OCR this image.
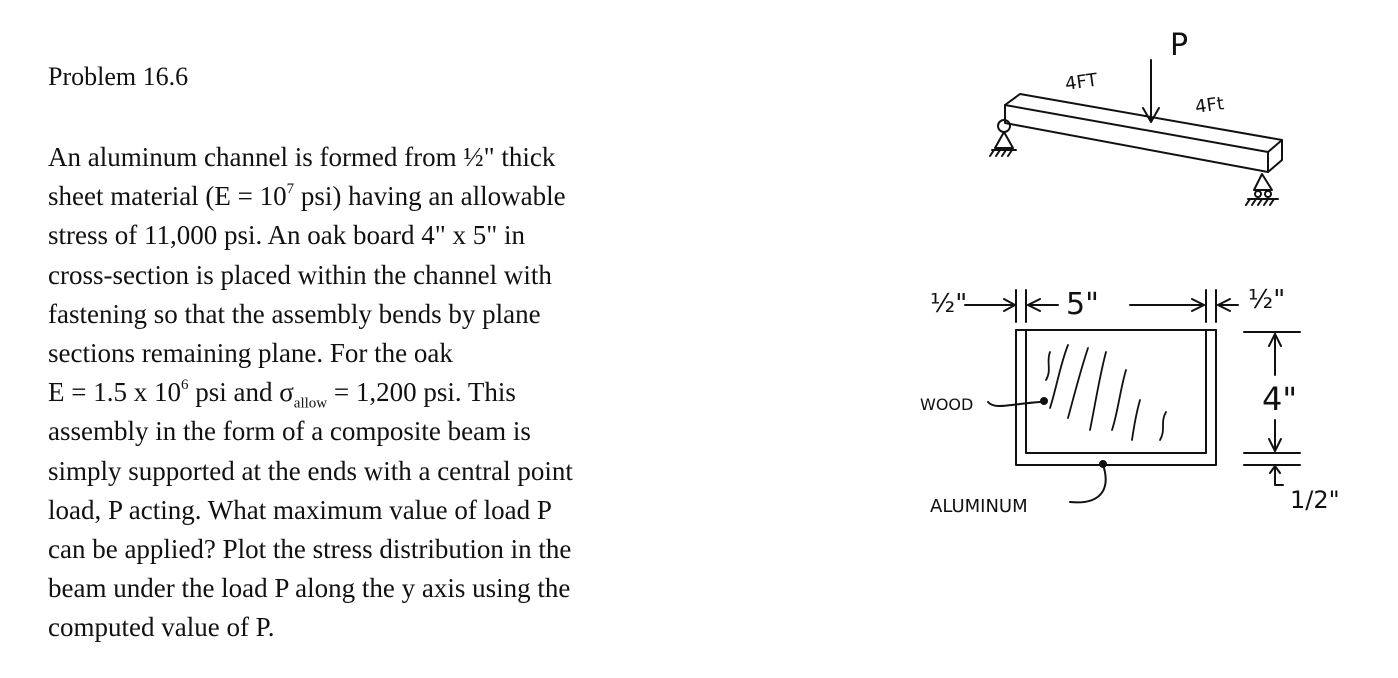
Problem 16.6
An aluminum channel is formed from ½" thick
sheet material ($E = 10^7$ psi) having an allowable
stress of 11,000 psi. An oak board 4" x 5" in
cross-section is placed within the channel with
fastening so that the assembly bends by plane
sections remaining plane. For the oak
E = 1.5 x $10^6$ psi and $\sigma_{allow} = 1,200$ psi. This
assembly in the form of a composite beam is
simply supported at the ends with a central point
load, P acting. What maximum value of load P
can be applied? Plot the stress distribution in the
beam under the load P along the y axis using the
computed value of P.
P
4FT
4Ft
½"	5"	½"
4"
1/2"
WOOD
ALUMINUM
